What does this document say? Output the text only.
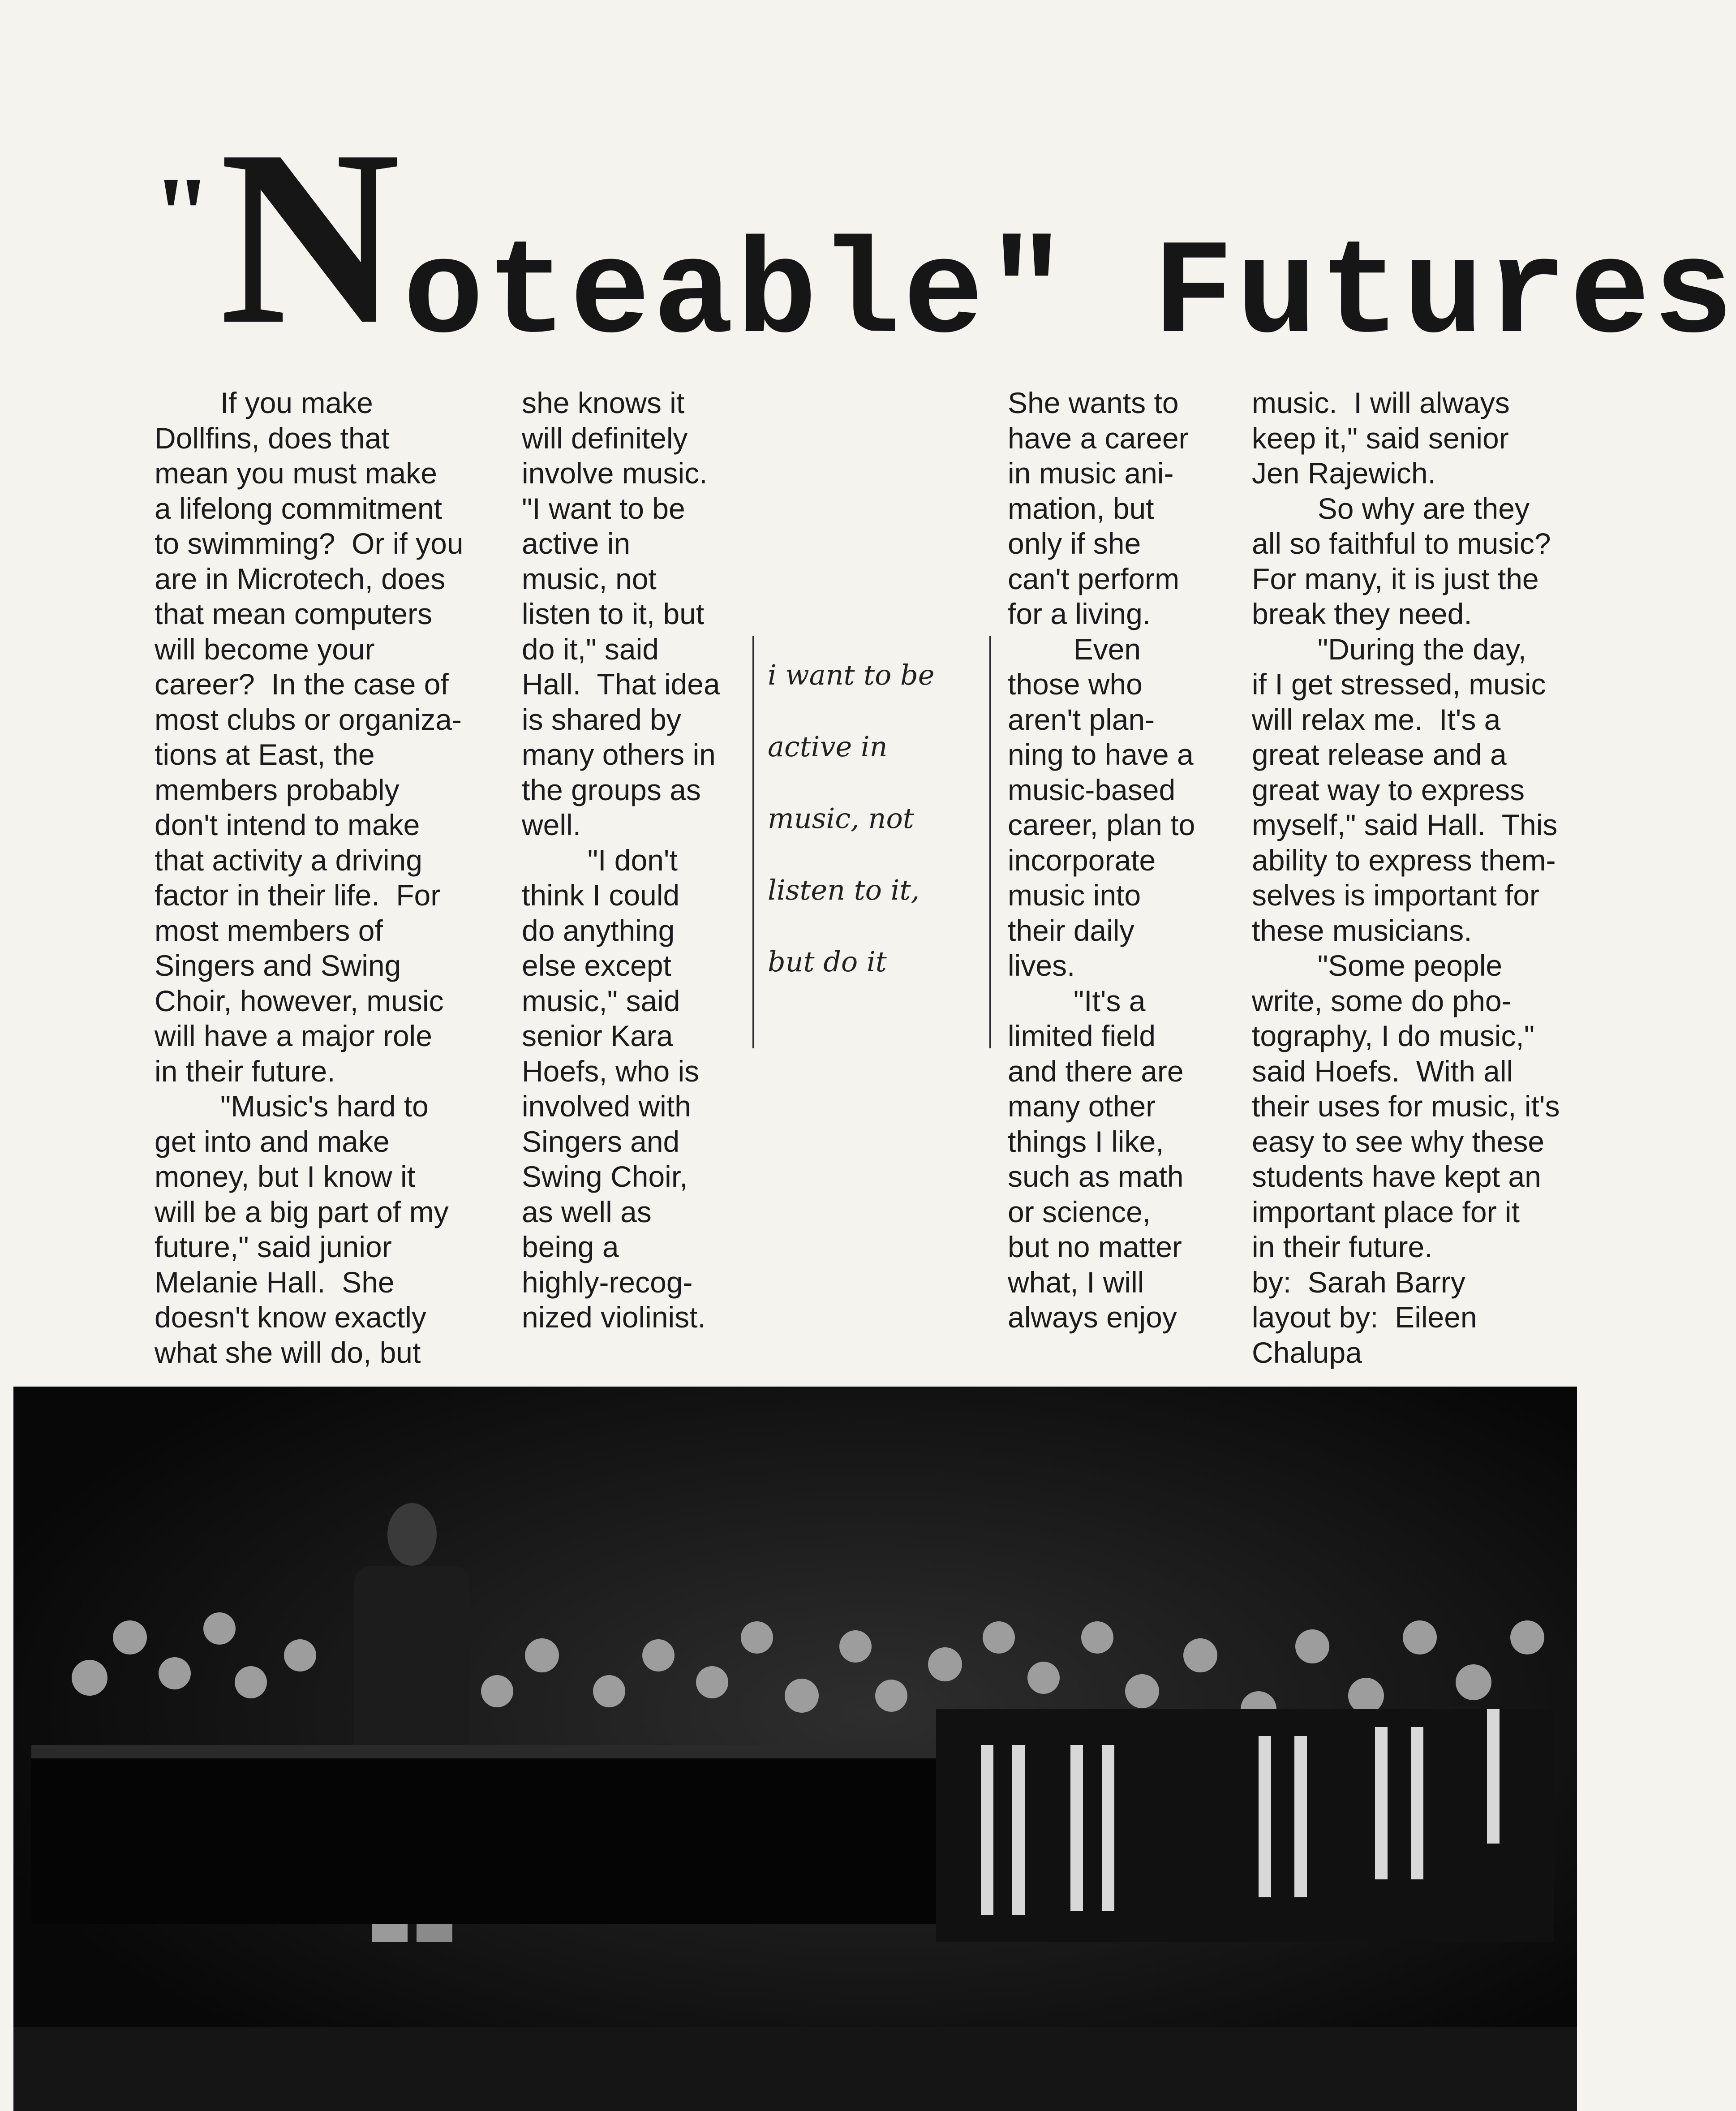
" N oteable" Futures
If you make
Dollfins, does that
mean you must make
a lifelong commitment
to swimming?  Or if you
are in Microtech, does
that mean computers
will become your
career?  In the case of
most clubs or organiza-
tions at East, the
members probably
don't intend to make
that activity a driving
factor in their life.  For
most members of
Singers and Swing
Choir, however, music
will have a major role
in their future.
"Music's hard to
get into and make
money, but I know it
will be a big part of my
future," said junior
Melanie Hall.  She
doesn't know exactly
what she will do, but
she knows it
will definitely
involve music.
"I want to be
active in
music, not
listen to it, but
do it," said
Hall.  That idea
is shared by
many others in
the groups as
well.
"I don't
think I could
do anything
else except
music," said
senior Kara
Hoefs, who is
involved with
Singers and
Swing Choir,
as well as
being a
highly-recog-
nized violinist.
She wants to
have a career
in music ani-
mation, but
only if she
can't perform
for a living.
Even
those who
aren't plan-
ning to have a
music-based
career, plan to
incorporate
music into
their daily
lives.
"It's a
limited field
and there are
many other
things I like,
such as math
or science,
but no matter
what, I will
always enjoy
music.  I will always
keep it," said senior
Jen Rajewich.
So why are they
all so faithful to music?
For many, it is just the
break they need.
"During the day,
if I get stressed, music
will relax me.  It's a
great release and a
great way to express
myself," said Hall.  This
ability to express them-
selves is important for
these musicians.
"Some people
write, some do pho-
tography, I do music,"
said Hoefs.  With all
their uses for music, it's
easy to see why these
students have kept an
important place for it
in their future.
by:  Sarah Barry
layout by:  Eileen
Chalupa
i want to be
active in
music, not
listen to it,
but do it
